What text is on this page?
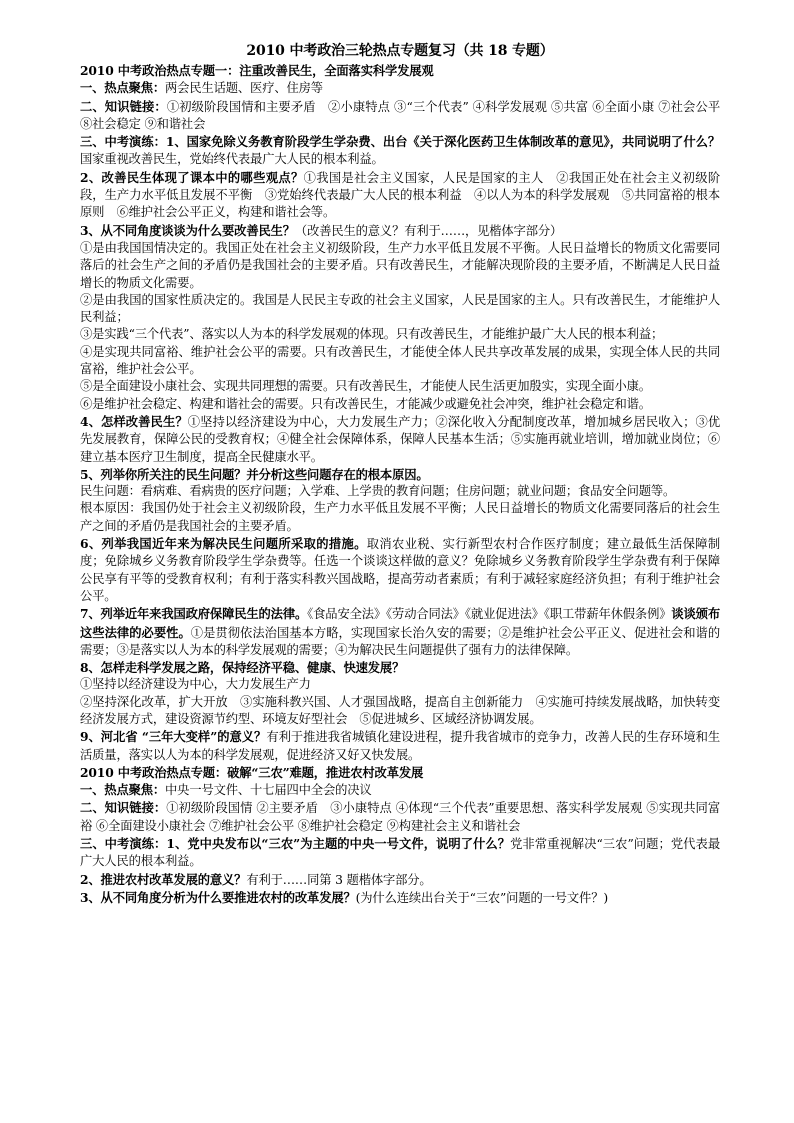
2010 中考政治三轮热点专题复习（共 18 专题）
2010 中考政治热点专题一：注重改善民生，全面落实科学发展观
一、热点聚焦：两会民生话题、医疗、住房等
二、知识链接：①初级阶段国情和主要矛盾　②小康特点 ③“三个代表” ④科学发展观 ⑤共富 ⑥全面小康 ⑦社会公平 ⑧社会稳定 ⑨和谐社会
三、中考演练：1、国家免除义务教育阶段学生学杂费、出台《关于深化医药卫生体制改革的意见》，共同说明了什么？国家重视改善民生，党始终代表最广大人民的根本利益。
2、改善民生体现了课本中的哪些观点？①我国是社会主义国家，人民是国家的主人　②我国正处在社会主义初级阶段，生产力水平低且发展不平衡　③党始终代表最广大人民的根本利益　④以人为本的科学发展观　⑤共同富裕的根本原则　⑥维护社会公平正义，构建和谐社会等。
3、从不同角度谈谈为什么要改善民生？（改善民生的意义？有利于……，见楷体字部分）
①是由我国国情决定的。我国正处在社会主义初级阶段，生产力水平低且发展不平衡。人民日益增长的物质文化需要同落后的社会生产之间的矛盾仍是我国社会的主要矛盾。只有改善民生，才能解决现阶段的主要矛盾，不断满足人民日益增长的物质文化需要。
②是由我国的国家性质决定的。我国是人民民主专政的社会主义国家，人民是国家的主人。只有改善民生，才能维护人民利益；
③是实践“三个代表”、落实以人为本的科学发展观的体现。只有改善民生，才能维护最广大人民的根本利益；
④是实现共同富裕、维护社会公平的需要。只有改善民生，才能使全体人民共享改革发展的成果，实现全体人民的共同富裕，维护社会公平。
⑤是全面建设小康社会、实现共同理想的需要。只有改善民生，才能使人民生活更加殷实，实现全面小康。
⑥是维护社会稳定、构建和谐社会的需要。只有改善民生，才能减少或避免社会冲突，维护社会稳定和谐。
4、怎样改善民生？①坚持以经济建设为中心，大力发展生产力；②深化收入分配制度改革，增加城乡居民收入；③优先发展教育，保障公民的受教育权；④健全社会保障体系，保障人民基本生活；⑤实施再就业培训，增加就业岗位；⑥建立基本医疗卫生制度，提高全民健康水平。
5、列举你所关注的民生问题？并分析这些问题存在的根本原因。
民生问题：看病难、看病贵的医疗问题；入学难、上学贵的教育问题；住房问题；就业问题；食品安全问题等。
根本原因：我国仍处于社会主义初级阶段，生产力水平低且发展不平衡；人民日益增长的物质文化需要同落后的社会生产之间的矛盾仍是我国社会的主要矛盾。
6、列举我国近年来为解决民生问题所采取的措施。取消农业税、实行新型农村合作医疗制度；建立最低生活保障制度；免除城乡义务教育阶段学生学杂费等。任选一个谈谈这样做的意义？免除城乡义务教育阶段学生学杂费有利于保障公民享有平等的受教育权利；有利于落实科教兴国战略，提高劳动者素质；有利于减轻家庭经济负担；有利于维护社会公平。
7、列举近年来我国政府保障民生的法律。《食品安全法》《劳动合同法》《就业促进法》《职工带薪年休假条例》谈谈颁布这些法律的必要性。①是贯彻依法治国基本方略，实现国家长治久安的需要；②是维护社会公平正义、促进社会和谐的需要；③是落实以人为本的科学发展观的需要；④为解决民生问题提供了强有力的法律保障。
8、怎样走科学发展之路，保持经济平稳、健康、快速发展？
①坚持以经济建设为中心，大力发展生产力
②坚持深化改革，扩大开放　③实施科教兴国、人才强国战略，提高自主创新能力　④实施可持续发展战略，加快转变经济发展方式，建设资源节约型、环境友好型社会　⑤促进城乡、区域经济协调发展。
9、河北省 “三年大变样”的意义？有利于推进我省城镇化建设进程，提升我省城市的竞争力，改善人民的生存环境和生活质量，落实以人为本的科学发展观，促进经济又好又快发展。
2010 中考政治热点专题：破解“三农”难题，推进农村改革发展
一、热点聚焦：中央一号文件、十七届四中全会的决议
二、知识链接：①初级阶段国情 ②主要矛盾　③小康特点 ④体现“三个代表”重要思想、落实科学发展观 ⑤实现共同富裕 ⑥全面建设小康社会 ⑦维护社会公平 ⑧维护社会稳定 ⑨构建社会主义和谐社会
三、中考演练：1、党中央发布以“三农”为主题的中央一号文件，说明了什么？党非常重视解决“三农”问题；党代表最广大人民的根本利益。
2、推进农村改革发展的意义？有利于……同第 3 题楷体字部分。
3、从不同角度分析为什么要推进农村的改革发展？(为什么连续出台关于“三农”问题的一号文件？)
